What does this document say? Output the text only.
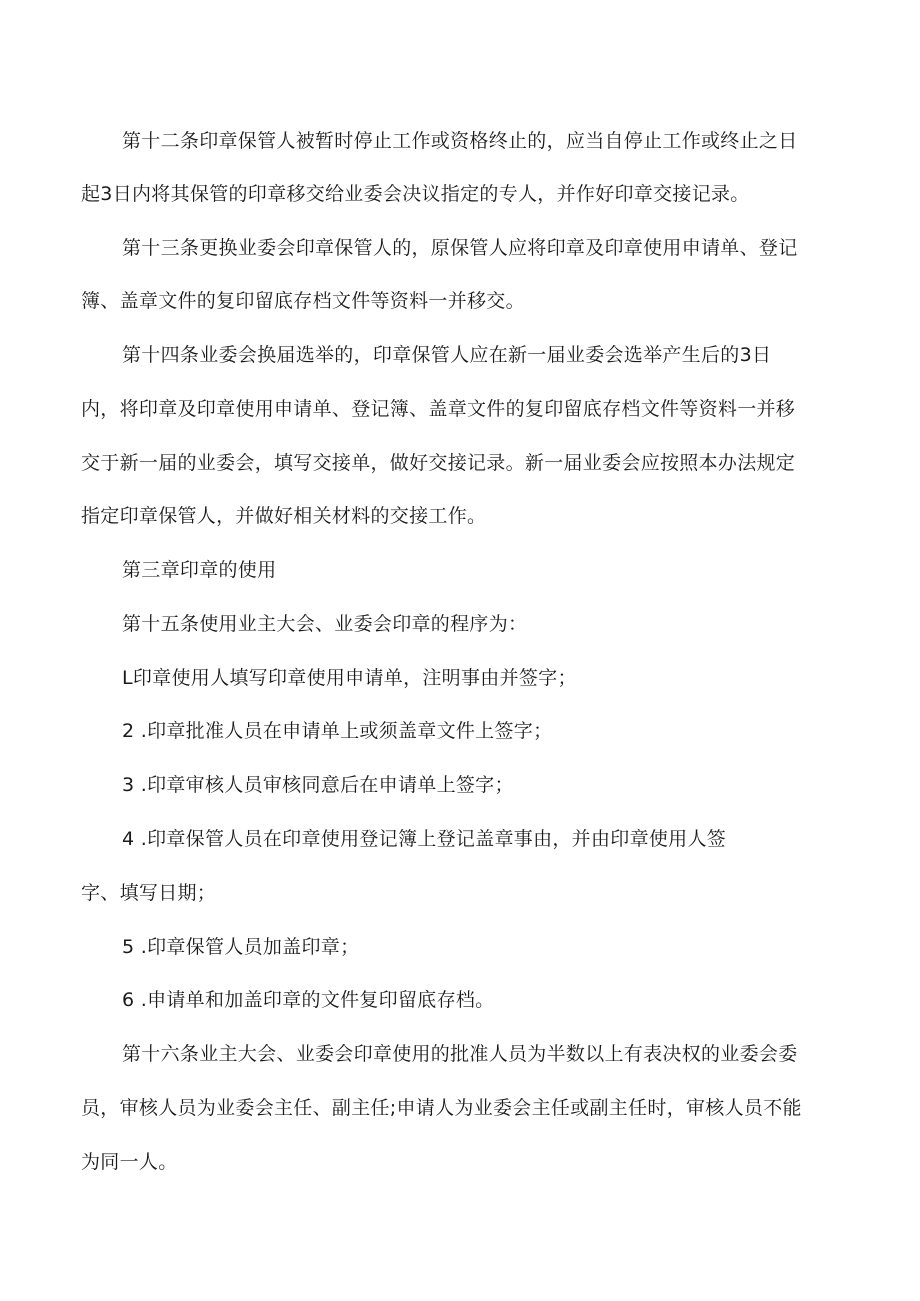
第十二条印章保管人被暂时停止工作或资格终止的，应当自停止工作或终止之日
起3日内将其保管的印章移交给业委会决议指定的专人，并作好印章交接记录。
第十三条更换业委会印章保管人的，原保管人应将印章及印章使用申请单、登记
簿、盖章文件的复印留底存档文件等资料一并移交。
第十四条业委会换届选举的，印章保管人应在新一届业委会选举产生后的3日
内，将印章及印章使用申请单、登记簿、盖章文件的复印留底存档文件等资料一并移
交于新一届的业委会，填写交接单，做好交接记录。新一届业委会应按照本办法规定
指定印章保管人，并做好相关材料的交接工作。
第三章印章的使用
第十五条使用业主大会、业委会印章的程序为：
L印章使用人填写印章使用申请单，注明事由并签字；
2 .印章批准人员在申请单上或须盖章文件上签字；
3 .印章审核人员审核同意后在申请单上签字；
4 .印章保管人员在印章使用登记簿上登记盖章事由，并由印章使用人签
字、填写日期；
5 .印章保管人员加盖印章；
6 .申请单和加盖印章的文件复印留底存档。
第十六条业主大会、业委会印章使用的批准人员为半数以上有表决权的业委会委
员，审核人员为业委会主任、副主任;申请人为业委会主任或副主任时，审核人员不能
为同一人。
